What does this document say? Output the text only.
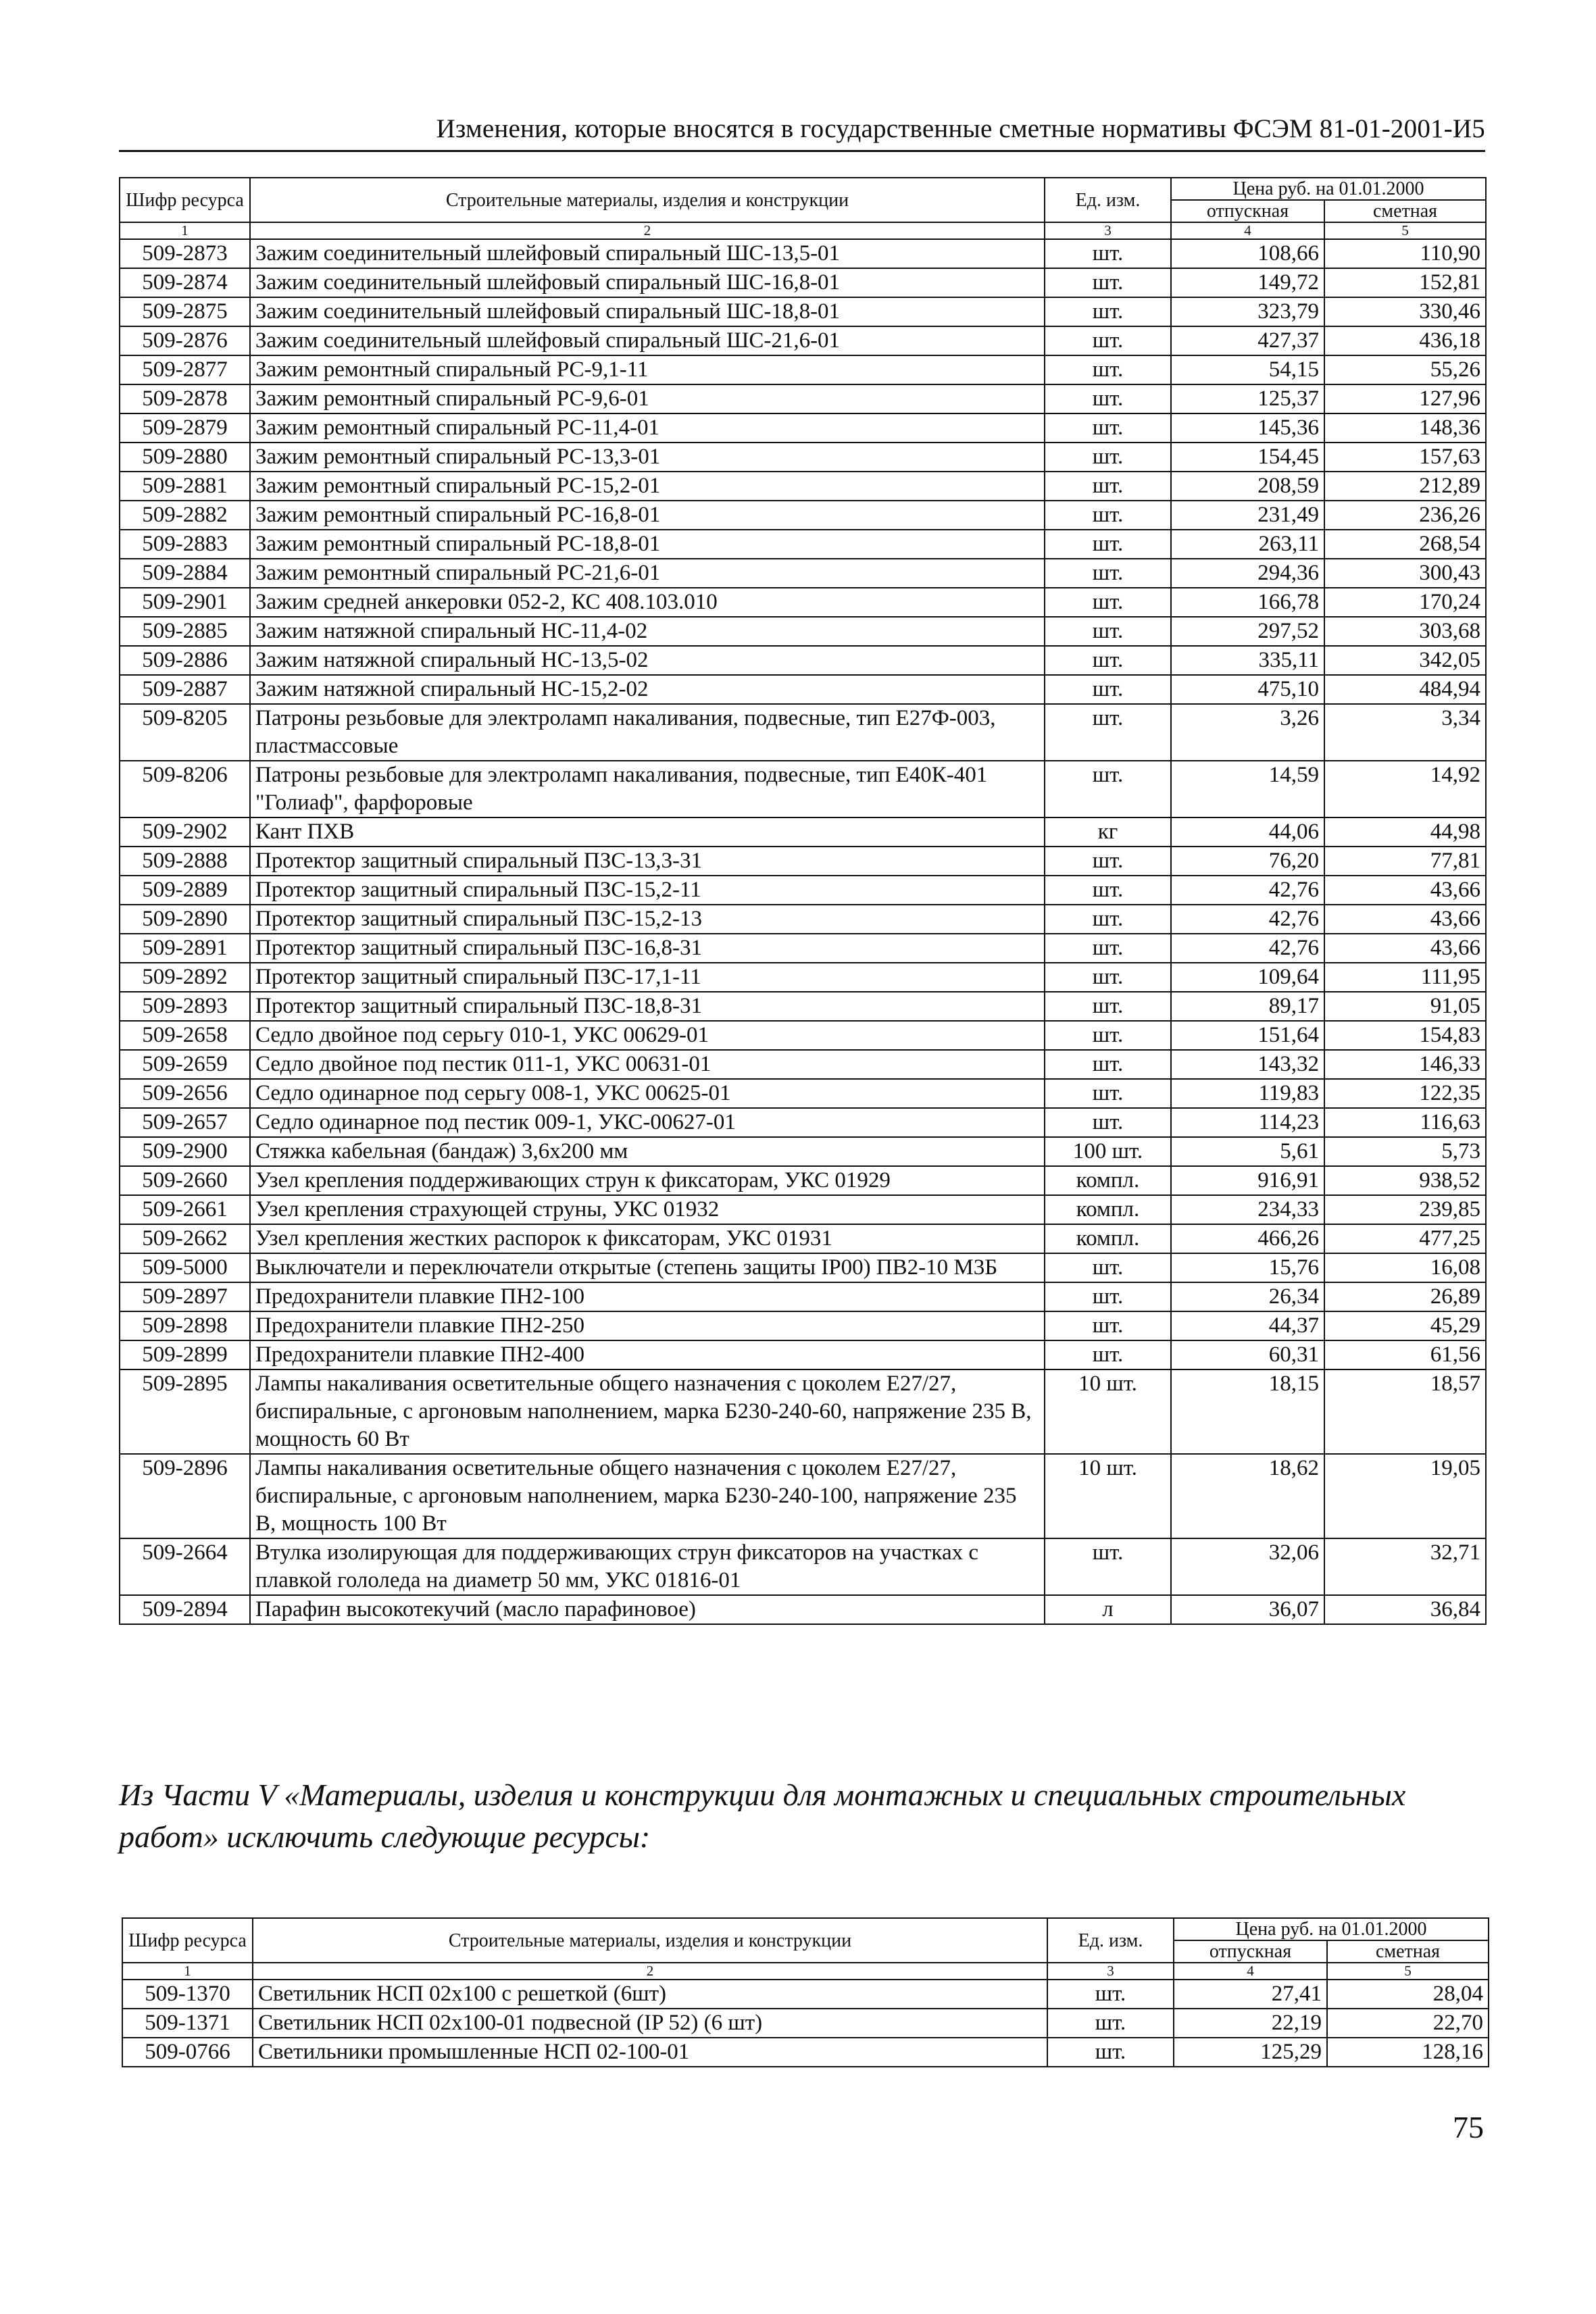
Изменения, которые вносятся в государственные сметные нормативы ФСЭМ 81-01-2001-И5
Шифр ресурса	Строительные материалы, изделия и конструкции	Ед. изм.	Цена руб. на 01.01.2000	
			отпускная	сметная
1	2	3	4	5
509-2873	Зажим соединительный шлейфовый спиральный ШС-13,5-01	шт.	108,66	110,90
509-2874	Зажим соединительный шлейфовый спиральный ШС-16,8-01	шт.	149,72	152,81
509-2875	Зажим соединительный шлейфовый спиральный ШС-18,8-01	шт.	323,79	330,46
509-2876	Зажим соединительный шлейфовый спиральный ШС-21,6-01	шт.	427,37	436,18
509-2877	Зажим ремонтный спиральный РС-9,1-11	шт.	54,15	55,26
509-2878	Зажим ремонтный спиральный РС-9,6-01	шт.	125,37	127,96
509-2879	Зажим ремонтный спиральный РС-11,4-01	шт.	145,36	148,36
509-2880	Зажим ремонтный спиральный РС-13,3-01	шт.	154,45	157,63
509-2881	Зажим ремонтный спиральный РС-15,2-01	шт.	208,59	212,89
509-2882	Зажим ремонтный спиральный РС-16,8-01	шт.	231,49	236,26
509-2883	Зажим ремонтный спиральный РС-18,8-01	шт.	263,11	268,54
509-2884	Зажим ремонтный спиральный РС-21,6-01	шт.	294,36	300,43
509-2901	Зажим средней анкеровки 052-2, КС 408.103.010	шт.	166,78	170,24
509-2885	Зажим натяжной спиральный НС-11,4-02	шт.	297,52	303,68
509-2886	Зажим натяжной спиральный НС-13,5-02	шт.	335,11	342,05
509-2887	Зажим натяжной спиральный НС-15,2-02	шт.	475,10	484,94
509-8205	Патроны резьбовые для электроламп накаливания, подвесные, тип Е27Ф-003, пластмассовые	шт.	3,26	3,34
509-8206	Патроны резьбовые для электроламп накаливания, подвесные, тип Е40К-401 "Голиаф", фарфоровые	шт.	14,59	14,92
509-2902	Кант ПХВ	кг	44,06	44,98
509-2888	Протектор защитный спиральный ПЗС-13,3-31	шт.	76,20	77,81
509-2889	Протектор защитный спиральный ПЗС-15,2-11	шт.	42,76	43,66
509-2890	Протектор защитный спиральный ПЗС-15,2-13	шт.	42,76	43,66
509-2891	Протектор защитный спиральный ПЗС-16,8-31	шт.	42,76	43,66
509-2892	Протектор защитный спиральный ПЗС-17,1-11	шт.	109,64	111,95
509-2893	Протектор защитный спиральный ПЗС-18,8-31	шт.	89,17	91,05
509-2658	Седло двойное под серьгу 010-1, УКС 00629-01	шт.	151,64	154,83
509-2659	Седло двойное под пестик 011-1, УКС 00631-01	шт.	143,32	146,33
509-2656	Седло одинарное под серьгу 008-1, УКС 00625-01	шт.	119,83	122,35
509-2657	Седло одинарное под пестик 009-1, УКС-00627-01	шт.	114,23	116,63
509-2900	Стяжка кабельная (бандаж) 3,6х200 мм	100 шт.	5,61	5,73
509-2660	Узел крепления поддерживающих струн к фиксаторам, УКС 01929	компл.	916,91	938,52
509-2661	Узел крепления страхующей струны, УКС 01932	компл.	234,33	239,85
509-2662	Узел крепления жестких распорок к фиксаторам, УКС 01931	компл.	466,26	477,25
509-5000	Выключатели и переключатели открытые (степень защиты IP00) ПВ2-10 М3Б	шт.	15,76	16,08
509-2897	Предохранители плавкие ПН2-100	шт.	26,34	26,89
509-2898	Предохранители плавкие ПН2-250	шт.	44,37	45,29
509-2899	Предохранители плавкие ПН2-400	шт.	60,31	61,56
509-2895	Лампы накаливания осветительные общего назначения с цоколем Е27/27, биспиральные, с аргоновым наполнением, марка Б230-240-60, напряжение 235 В, мощность 60 Вт	10 шт.	18,15	18,57
509-2896	Лампы накаливания осветительные общего назначения с цоколем Е27/27, биспиральные, с аргоновым наполнением, марка Б230-240-100, напряжение 235 В, мощность 100 Вт	10 шт.	18,62	19,05
509-2664	Втулка изолирующая для поддерживающих струн фиксаторов на участках с плавкой гололеда на диаметр 50 мм, УКС 01816-01	шт.	32,06	32,71
509-2894	Парафин высокотекучий (масло парафиновое)	л	36,07	36,84
Из Части V «Материалы, изделия и конструкции для монтажных и специальных строительных работ» исключить следующие ресурсы:
Шифр ресурса	Строительные материалы, изделия и конструкции	Ед. изм.	Цена руб. на 01.01.2000	
			отпускная	сметная
1	2	3	4	5
509-1370	Светильник НСП 02х100 с решеткой (6шт)	шт.	27,41	28,04
509-1371	Светильник НСП 02х100-01 подвесной (IP 52) (6 шт)	шт.	22,19	22,70
509-0766	Светильники промышленные НСП 02-100-01	шт.	125,29	128,16
75
